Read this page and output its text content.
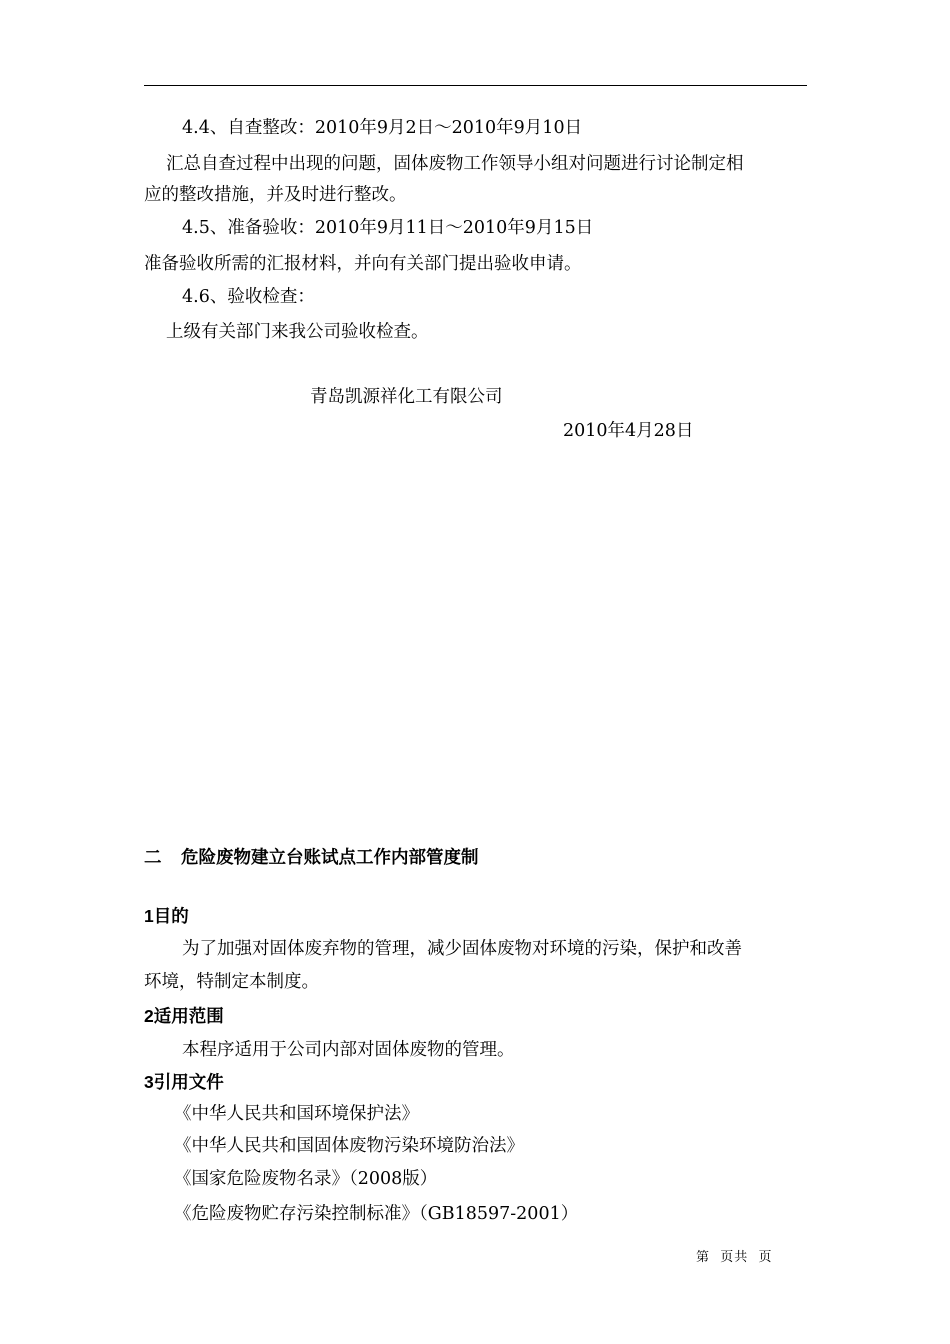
4.4、自查整改：2010年9月2日～2010年9月10日
汇总自查过程中出现的问题，固体废物工作领导小组对问题进行讨论制定相
应的整改措施，并及时进行整改。
4.5、准备验收：2010年9月11日～2010年9月15日
准备验收所需的汇报材料，并向有关部门提出验收申请。
4.6、验收检查：
上级有关部门来我公司验收检查。
青岛凯源祥化工有限公司
2010年4月28日
二    危险废物建立台账试点工作内部管度制
1目的
为了加强对固体废弃物的管理，减少固体废物对环境的污染，保护和改善
环境，特制定本制度。
2适用范围
本程序适用于公司内部对固体废物的管理。
3引用文件
《中华人民共和国环境保护法》
《中华人民共和国固体废物污染环境防治法》
《国家危险废物名录》（2008版）
《危险废物贮存污染控制标准》（GB18597-2001）
第  页共  页
